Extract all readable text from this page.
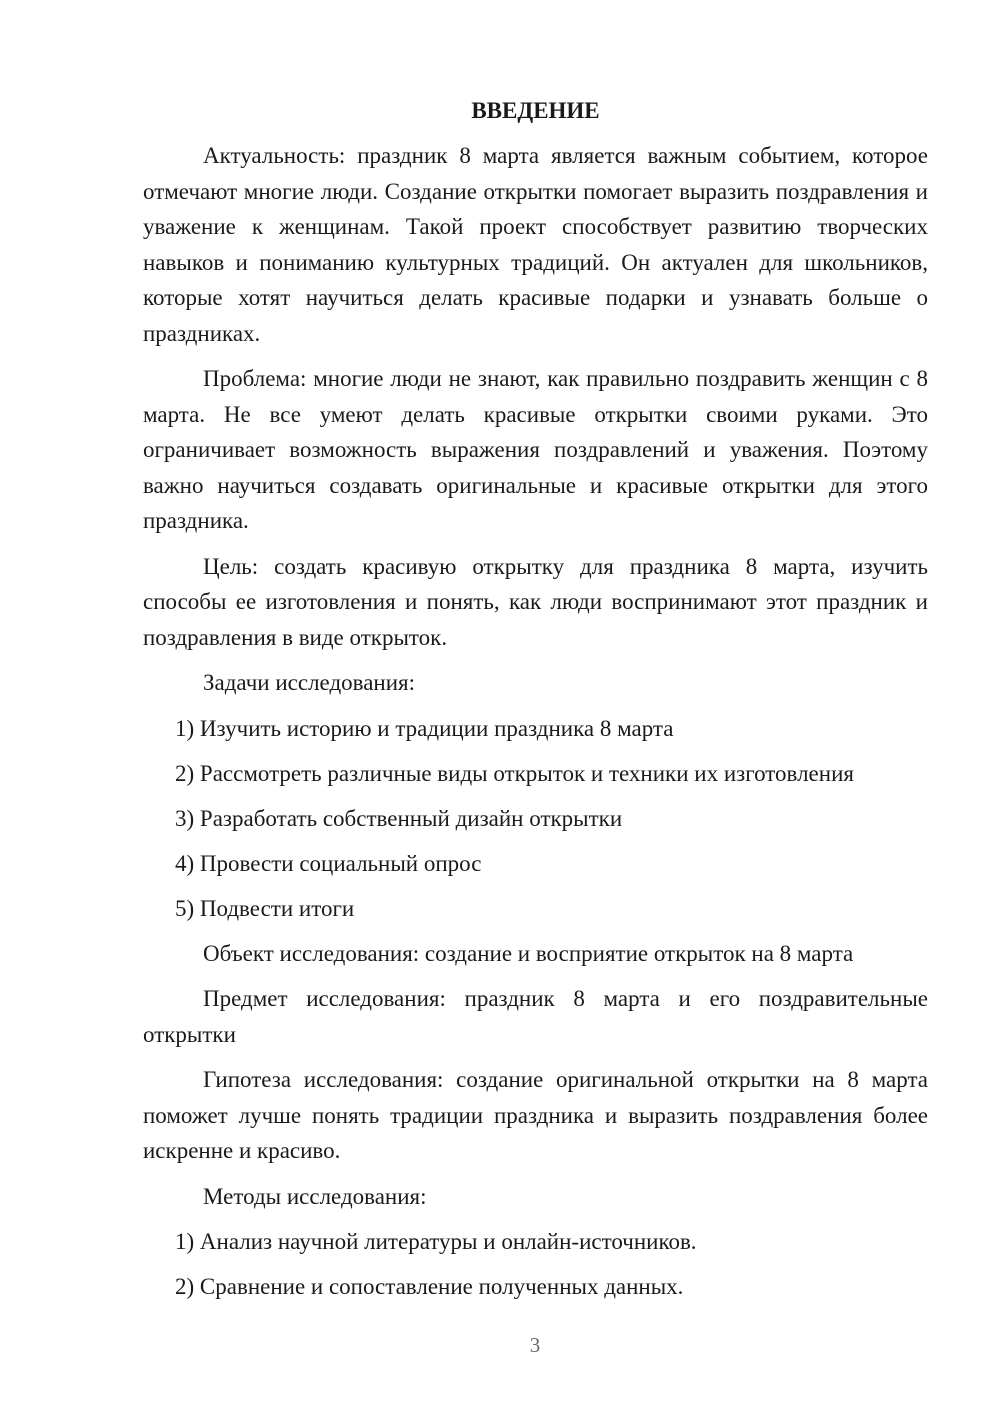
ВВЕДЕНИЕ

Актуальность: праздник 8 марта является важным событием, которое отмечают многие люди. Создание открытки помогает выразить поздравления и уважение к женщинам. Такой проект способствует развитию творческих навыков и пониманию культурных традиций. Он актуален для школьников, которые хотят научиться делать красивые подарки и узнавать больше о праздниках.

Проблема: многие люди не знают, как правильно поздравить женщин с 8 марта. Не все умеют делать красивые открытки своими руками. Это ограничивает возможность выражения поздравлений и уважения. Поэтому важно научиться создавать оригинальные и красивые открытки для этого праздника.

Цель: создать красивую открытку для праздника 8 марта, изучить способы ее изготовления и понять, как люди воспринимают этот праздник и поздравления в виде открыток.

Задачи исследования:

1) Изучить историю и традиции праздника 8 марта
2) Рассмотреть различные виды открыток и техники их изготовления
3) Разработать собственный дизайн открытки
4) Провести социальный опрос
5) Подвести итоги

Объект исследования: создание и восприятие открыток на 8 марта

Предмет исследования: праздник 8 марта и его поздравительные открытки

Гипотеза исследования: создание оригинальной открытки на 8 марта поможет лучше понять традиции праздника и выразить поздравления более искренне и красиво.

Методы исследования:

1) Анализ научной литературы и онлайн-источников.
2) Сравнение и сопоставление полученных данных.
3
